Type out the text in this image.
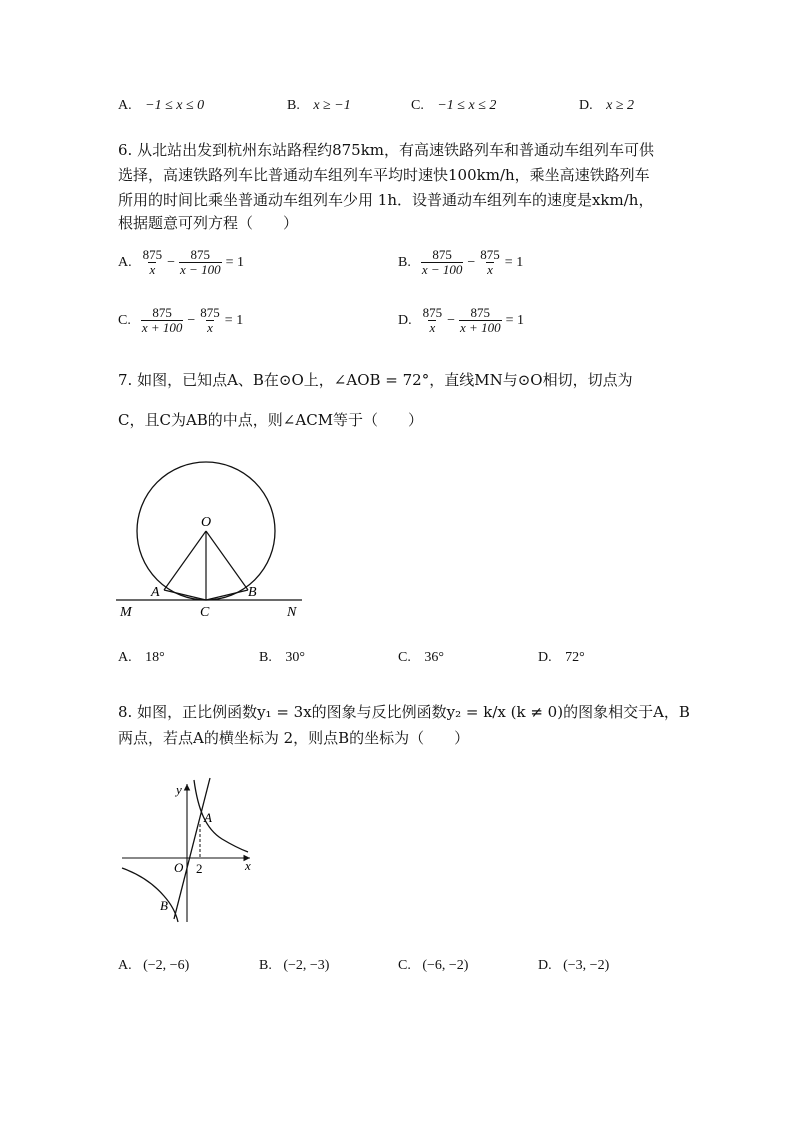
A. −1 ≤ x ≤ 0	B. x ≥ −1	C. −1 ≤ x ≤ 2	D. x ≥ 2
6. 从北站出发到杭州东站路程约875km，有高速铁路列车和普通动车组列车可供
选择，高速铁路列车比普通动车组列车平均时速快100km/h，乘坐高速铁路列车
所用的时间比乘坐普通动车组列车少用 1h．设普通动车组列车的速度是xkm/h，
根据题意可列方程（　　）
A. $\frac{875}{x} - \frac{875}{x - 100} = 1$	B. $\frac{875}{x - 100} - \frac{875}{x} = 1$
C. $\frac{875}{x + 100} - \frac{875}{x} = 1$	D. $\frac{875}{x} - \frac{875}{x + 100} = 1$
7. 如图，已知点A、B在⊙O上，∠AOB = 72°，直线MN与⊙O相切，切点为
C，且C为AB的中点，则∠ACM等于（　　）
O
A	B
C
M	N
A. 18°	B. 30°	C. 36°	D. 72°
8. 如图，正比例函数y₁ = 3x的图象与反比例函数y₂ = k/x (k ≠ 0)的图象相交于A，B
两点，若点A的横坐标为 2，则点B的坐标为（　　）
y
x
O 2
A
B
A. (−2, −6)	B. (−2, −3)	C. (−6, −2)	D. (−3, −2)
